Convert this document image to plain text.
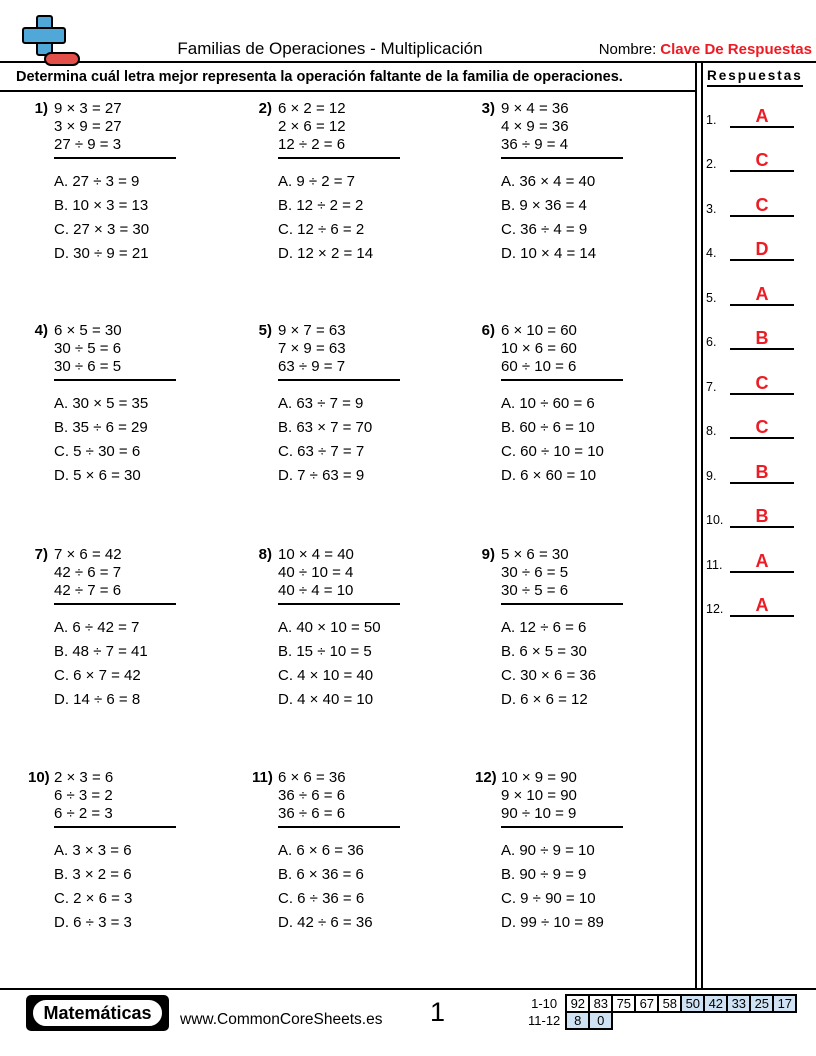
Familias de Operaciones - Multiplicación	Nombre: Clave De Respuestas
Determina cuál letra mejor representa la operación faltante de la familia de operaciones.	Respuestas
1.	A
2.	C
3.	C
4.	D
5.	A
6.	B
7.	C
8.	C
9.	B
10.	B
11.	A
12.	A
1) 9 × 3 = 27
3 × 9 = 27
27 ÷ 9 = 3
A. 27 ÷ 3 = 9
B. 10 × 3 = 13
C. 27 × 3 = 30
D. 30 ÷ 9 = 21
2) 6 × 2 = 12
2 × 6 = 12
12 ÷ 2 = 6
A. 9 ÷ 2 = 7
B. 12 ÷ 2 = 2
C. 12 ÷ 6 = 2
D. 12 × 2 = 14
3) 9 × 4 = 36
4 × 9 = 36
36 ÷ 9 = 4
A. 36 × 4 = 40
B. 9 × 36 = 4
C. 36 ÷ 4 = 9
D. 10 × 4 = 14
4) 6 × 5 = 30
30 ÷ 5 = 6
30 ÷ 6 = 5
A. 30 × 5 = 35
B. 35 ÷ 6 = 29
C. 5 ÷ 30 = 6
D. 5 × 6 = 30
5) 9 × 7 = 63
7 × 9 = 63
63 ÷ 9 = 7
A. 63 ÷ 7 = 9
B. 63 × 7 = 70
C. 63 ÷ 7 = 7
D. 7 ÷ 63 = 9
6) 6 × 10 = 60
10 × 6 = 60
60 ÷ 10 = 6
A. 10 ÷ 60 = 6
B. 60 ÷ 6 = 10
C. 60 ÷ 10 = 10
D. 6 × 60 = 10
7) 7 × 6 = 42
42 ÷ 6 = 7
42 ÷ 7 = 6
A. 6 ÷ 42 = 7
B. 48 ÷ 7 = 41
C. 6 × 7 = 42
D. 14 ÷ 6 = 8
8) 10 × 4 = 40
40 ÷ 10 = 4
40 ÷ 4 = 10
A. 40 × 10 = 50
B. 15 ÷ 10 = 5
C. 4 × 10 = 40
D. 4 × 40 = 10
9) 5 × 6 = 30
30 ÷ 6 = 5
30 ÷ 5 = 6
A. 12 ÷ 6 = 6
B. 6 × 5 = 30
C. 30 × 6 = 36
D. 6 × 6 = 12
10) 2 × 3 = 6
6 ÷ 3 = 2
6 ÷ 2 = 3
A. 3 × 3 = 6
B. 3 × 2 = 6
C. 2 × 6 = 3
D. 6 ÷ 3 = 3
11) 6 × 6 = 36
36 ÷ 6 = 6
36 ÷ 6 = 6
A. 6 × 6 = 36
B. 6 × 36 = 6
C. 6 ÷ 36 = 6
D. 42 ÷ 6 = 36
12) 10 × 9 = 90
9 × 10 = 90
90 ÷ 10 = 9
A. 90 ÷ 9 = 10
B. 90 ÷ 9 = 9
C. 9 ÷ 90 = 10
D. 99 ÷ 10 = 89
Matemáticas	www.CommonCoreSheets.es 1	1-10	92	83	75	67	58	50	42	33	25	17
11-12	8	0								
